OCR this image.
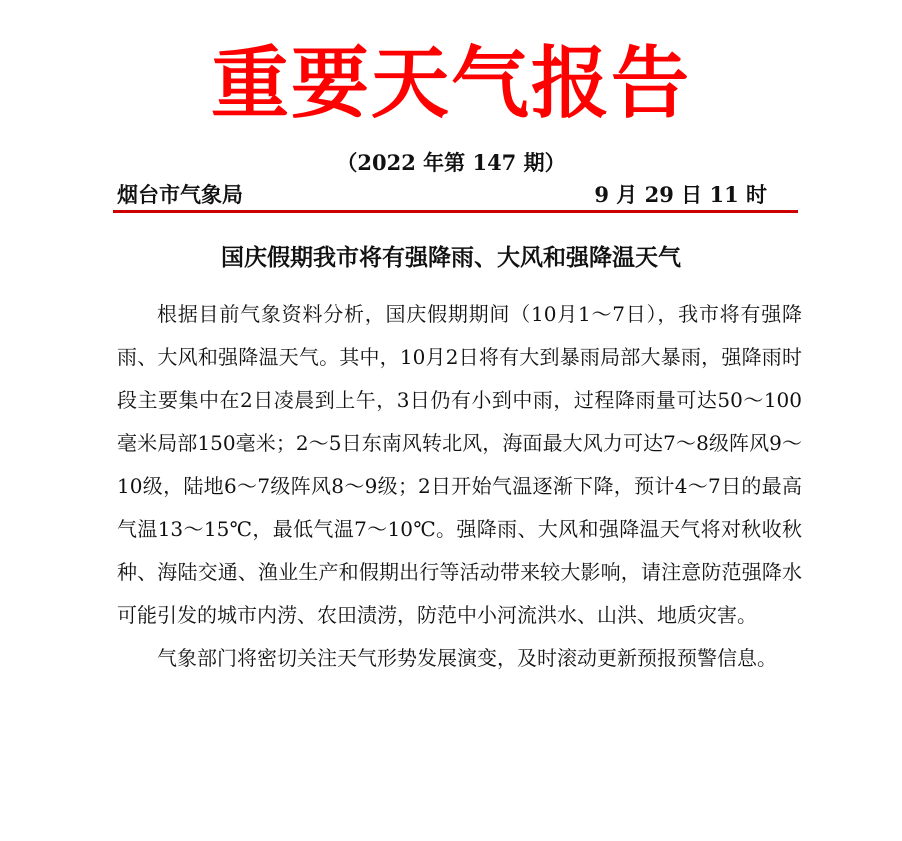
重要天气报告
（2022 年第 147 期）
烟台市气象局	9 月 29 日 11 时
国庆假期我市将有强降雨、大风和强降温天气

根据目前气象资料分析，国庆假期期间（10月1～7日），我市将有强降雨、大风和强降温天气。其中，10月2日将有大到暴雨局部大暴雨，强降雨时段主要集中在2日凌晨到上午，3日仍有小到中雨，过程降雨量可达50～100毫米局部150毫米；2～5日东南风转北风，海面最大风力可达7～8级阵风9～10级，陆地6～7级阵风8～9级；2日开始气温逐渐下降，预计4～7日的最高气温13～15℃，最低气温7～10℃。强降雨、大风和强降温天气将对秋收秋种、海陆交通、渔业生产和假期出行等活动带来较大影响，请注意防范强降水可能引发的城市内涝、农田渍涝，防范中小河流洪水、山洪、地质灾害。

气象部门将密切关注天气形势发展演变，及时滚动更新预报预警信息。
